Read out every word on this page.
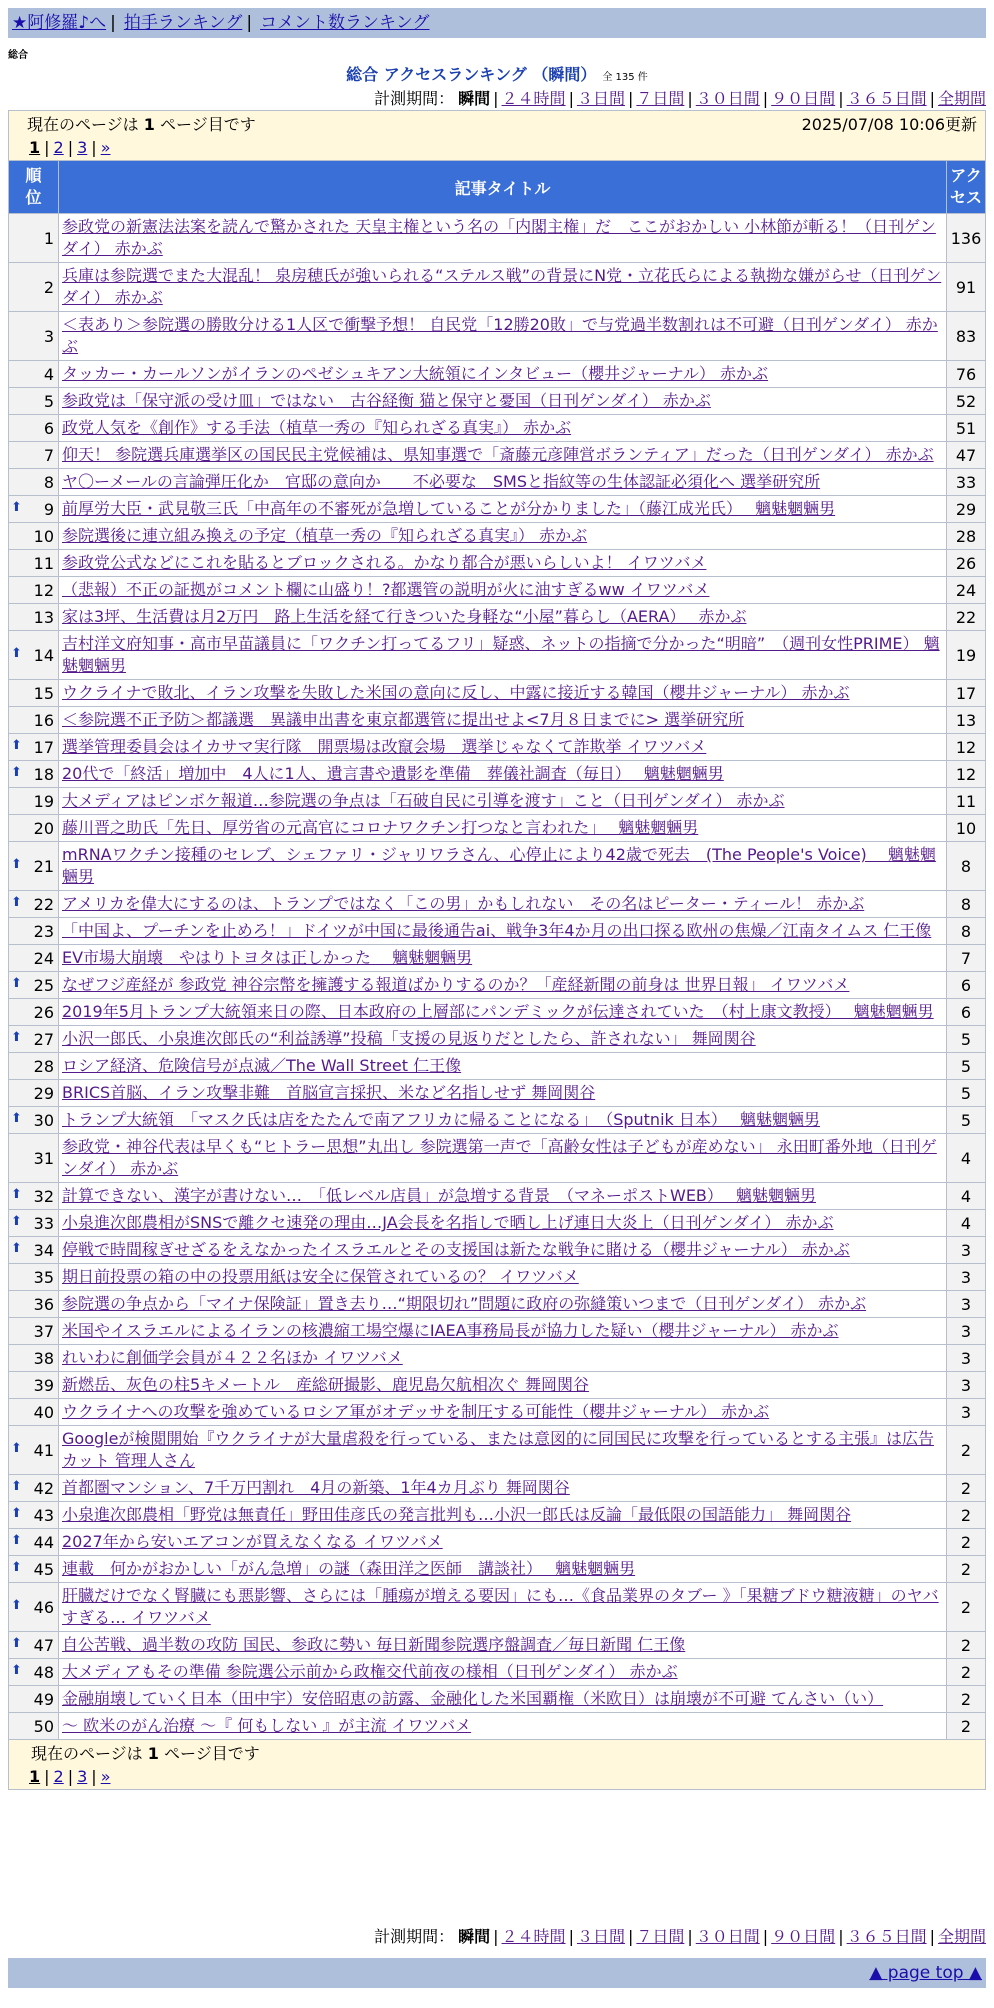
★阿修羅♪へ | 拍手ランキング | コメント数ランキング
総合
総合 アクセスランキング （瞬間） 全 135 件
計測期間： 瞬間 | ２４時間 | ３日間 | ７日間 | ３０日間 | ９０日間 | ３６５日間 | 全期間
現在のページは 1 ページ目です 2025/07/08 10:06更新
1 | 2 | 3 | »		

順位	記事タイトル	アクセス
1	参政党の新憲法法案を読んで驚かされた 天皇主権という名の「内閣主権」だ　ここがおかしい 小林節が斬る！（日刊ゲンダイ） 赤かぶ	136
2	兵庫は参院選でまた大混乱！ 泉房穂氏が強いられる“ステルス戦”の背景にN党・立花氏らによる執拗な嫌がらせ（日刊ゲンダイ） 赤かぶ	91
3	＜表あり＞参院選の勝敗分ける1人区で衝撃予想！ 自民党「12勝20敗」で与党過半数割れは不可避（日刊ゲンダイ） 赤かぶ	83
4	タッカー・カールソンがイランのペゼシュキアン大統領にインタビュー（櫻井ジャーナル） 赤かぶ	76
5	参政党は「保守派の受け皿」ではない　古谷経衡 猫と保守と憂国（日刊ゲンダイ） 赤かぶ	52
6	政党人気を《創作》する手法（植草一秀の『知られざる真実』） 赤かぶ	51
7	仰天！ 参院選兵庫選挙区の国民民主党候補は、県知事選で「斎藤元彦陣営ボランティア」だった（日刊ゲンダイ） 赤かぶ	47
8	ヤ〇ーメールの言論弾圧化か　官邸の意向か　　不必要な　SMSと指紋等の生体認証必須化へ 選挙研究所	33

⬆ 9	前厚労大臣・武見敬三氏「中高年の不審死が急増していることが分かりました」（藤江成光氏）　 魑魅魍魎男	29
10	参院選後に連立組み換えの予定（植草一秀の『知られざる真実』） 赤かぶ	28
11	参政党公式などにこれを貼るとブロックされる。かなり都合が悪いらしいよ！ イワツバメ	26
12	（悲報）不正の証拠がコメント欄に山盛り！?都選管の説明が火に油すぎるww イワツバメ	24
13	家は3坪、生活費は月2万円　路上生活を経て行きついた身軽な“小屋”暮らし（AERA）　 赤かぶ	22

⬆ 14	吉村洋文府知事・高市早苗議員に「ワクチン打ってるフリ」疑惑、ネットの指摘で分かった“明暗”　（週刊女性PRIME） 魑魅魍魎男	19
15	ウクライナで敗北、イラン攻撃を失敗した米国の意向に反し、中露に接近する韓国（櫻井ジャーナル） 赤かぶ	17
16	＜参院選不正予防＞都議選　異議申出書を東京都選管に提出せよ<7月８日までに> 選挙研究所	13

⬆ 17	選挙管理委員会はイカサマ実行隊　開票場は改竄会場　選挙じゃなくて詐欺挙 イワツバメ	12

⬆ 18	20代で「終活」増加中　4人に1人、遺言書や遺影を準備　葬儀社調査（毎日）　 魑魅魍魎男	12
19	大メディアはピンボケ報道…参院選の争点は「石破自民に引導を渡す」こと（日刊ゲンダイ） 赤かぶ	11
20	藤川晋之助氏「先日、厚労省の元高官にコロナワクチン打つなと言われた」　 魑魅魍魎男	10

⬆ 21	mRNAワクチン接種のセレブ、シェファリ・ジャリワラさん、心停止により42歳で死去　(The People's Voice)　 魑魅魍魎男	8

⬆ 22	アメリカを偉大にするのは、トランプではなく「この男」かもしれない　その名はピーター・ティール！ 赤かぶ	8
23	「中国よ、プーチンを止めろ！」ドイツが中国に最後通告ai、戦争3年4か月の出口探る欧州の焦燥／江南タイムス 仁王像	8
24	EV市場大崩壊　やはりトヨタは正しかった　 魑魅魍魎男	7

⬆ 25	なぜフジ産経が 参政党 神谷宗幣を擁護する報道ばかりするのか？「産経新聞の前身は 世界日報」 イワツバメ	6
26	2019年5月トランプ大統領来日の際、日本政府の上層部にパンデミックが伝達されていた　（村上康文教授）　 魑魅魍魎男	6

⬆ 27	小沢一郎氏、小泉進次郎氏の“利益誘導”投稿「支援の見返りだとしたら、許されない」 舞岡関谷	5
28	ロシア経済、危険信号が点滅／The Wall Street 仁王像	5
29	BRICS首脳、イラン攻撃非難　首脳宣言採択、米など名指しせず 舞岡関谷	5

⬆ 30	トランプ大統領　「マスク氏は店をたたんで南アフリカに帰ることになる」　（Sputnik 日本）　 魑魅魍魎男	5
31	参政党・神谷代表は早くも“ヒトラー思想”丸出し 参院選第一声で「高齢女性は子どもが産めない」 永田町番外地（日刊ゲンダイ） 赤かぶ	4

⬆ 32	計算できない、漢字が書けない…　「低レベル店員」が急増する背景　（マネーポストWEB）　 魑魅魍魎男	4

⬆ 33	小泉進次郎農相がSNSで離クセ速発の理由…JA会長を名指しで晒し上げ連日大炎上（日刊ゲンダイ） 赤かぶ	4

⬆ 34	停戦で時間稼ぎせざるをえなかったイスラエルとその支援国は新たな戦争に賭ける（櫻井ジャーナル） 赤かぶ	3
35	期日前投票の箱の中の投票用紙は安全に保管されているの？ イワツバメ	3
36	参院選の争点から「マイナ保険証」置き去り…“期限切れ”問題に政府の弥縫策いつまで（日刊ゲンダイ） 赤かぶ	3
37	米国やイスラエルによるイランの核濃縮工場空爆にIAEA事務局長が協力した疑い（櫻井ジャーナル） 赤かぶ	3
38	れいわに創価学会員が４２２名ほか イワツバメ	3
39	新燃岳、灰色の柱5キメートル　産総研撮影、鹿児島欠航相次ぐ 舞岡関谷	3
40	ウクライナへの攻撃を強めているロシア軍がオデッサを制圧する可能性（櫻井ジャーナル） 赤かぶ	3

⬆ 41	Googleが検閲開始『ウクライナが大量虐殺を行っている、または意図的に同国民に攻撃を行っているとする主張』は広告カット 管理人さん	2

⬆ 42	首都圏マンション、7千万円割れ　4月の新築、1年4カ月ぶり 舞岡関谷	2

⬆ 43	小泉進次郎農相「野党は無責任」野田佳彦氏の発言批判も…小沢一郎氏は反論「最低限の国語能力」 舞岡関谷	2

⬆ 44	2027年から安いエアコンが買えなくなる イワツバメ	2

⬆ 45	連載　何かがおかしい「がん急増」の謎（森田洋之医師　講談社）　 魑魅魍魎男	2

⬆ 46	肝臓だけでなく腎臓にも悪影響、さらには「腫瘍が増える要因」にも…《食品業界のタブー 》「果糖ブドウ糖液糖」のヤバすぎる… イワツバメ	2

⬆ 47	自公苦戦、過半数の攻防 国民、参政に勢い 毎日新聞参院選序盤調査／毎日新聞 仁王像	2

⬆ 48	大メディアもその準備 参院選公示前から政権交代前夜の様相（日刊ゲンダイ） 赤かぶ	2
49	金融崩壊していく日本（田中宇）安倍昭恵の訪露、金融化した米国覇権（米欧日）は崩壊が不可避 てんさい（い）	2
50	～ 欧米のがん治療 ～『 何もしない 』が主流 イワツバメ	2

現在のページは 1 ページ目です
1 | 2 | 3 | »		
計測期間： 瞬間 | ２４時間 | ３日間 | ７日間 | ３０日間 | ９０日間 | ３６５日間 | 全期間
▲ page top ▲
